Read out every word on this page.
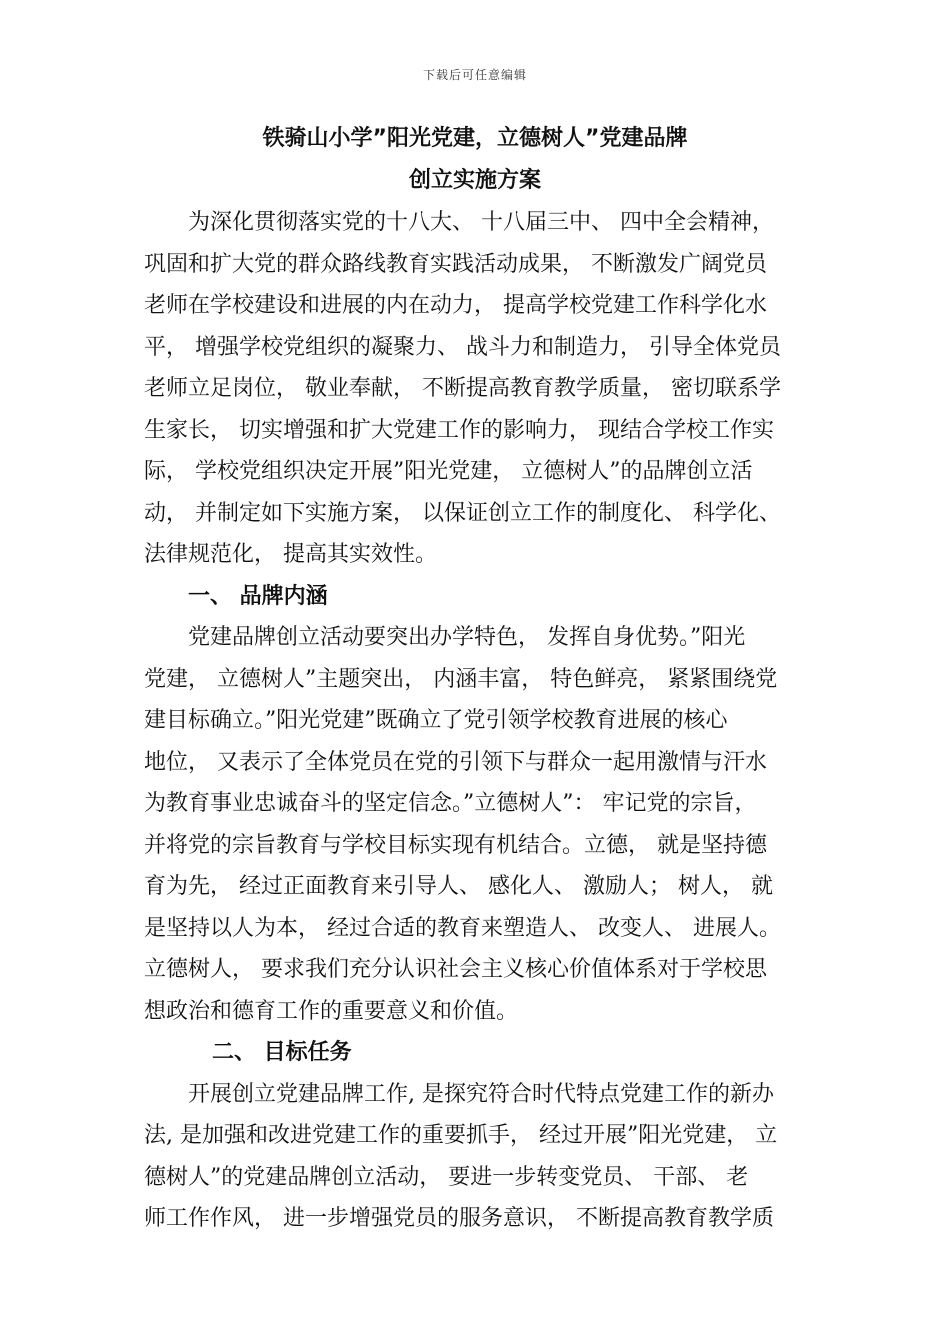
下载后可任意编辑
铁骑山小学”阳光党建，立德树人”党建品牌
创立实施方案
为深化贯彻落实党的十八大、 十八届三中、 四中全会精神，
巩固和扩大党的群众路线教育实践活动成果， 不断激发广阔党员
老师在学校建设和进展的内在动力， 提高学校党建工作科学化水
平， 增强学校党组织的凝聚力、 战斗力和制造力， 引导全体党员
老师立足岗位， 敬业奉献， 不断提高教育教学质量， 密切联系学
生家长， 切实增强和扩大党建工作的影响力， 现结合学校工作实
际， 学校党组织决定开展”阳光党建， 立德树人”的品牌创立活
动， 并制定如下实施方案， 以保证创立工作的制度化、 科学化、
法律规范化， 提高其实效性。
一、 品牌内涵
党建品牌创立活动要突出办学特色， 发挥自身优势。”阳光
党建， 立德树人”主题突出， 内涵丰富， 特色鲜亮， 紧紧围绕党
建目标确立。”阳光党建”既确立了党引领学校教育进展的核心
地位， 又表示了全体党员在党的引领下与群众一起用激情与汗水
为教育事业忠诚奋斗的坚定信念。”立德树人”： 牢记党的宗旨，
并将党的宗旨教育与学校目标实现有机结合。立德， 就是坚持德
育为先， 经过正面教育来引导人、 感化人、 激励人； 树人， 就
是坚持以人为本， 经过合适的教育来塑造人、 改变人、 进展人。
立德树人， 要求我们充分认识社会主义核心价值体系对于学校思
想政治和德育工作的重要意义和价值。
二、 目标任务
开展创立党建品牌工作, 是探究符合时代特点党建工作的新办
法, 是加强和改进党建工作的重要抓手， 经过开展”阳光党建， 立
德树人”的党建品牌创立活动， 要进一步转变党员、 干部、 老
师工作作风， 进一步增强党员的服务意识， 不断提高教育教学质
